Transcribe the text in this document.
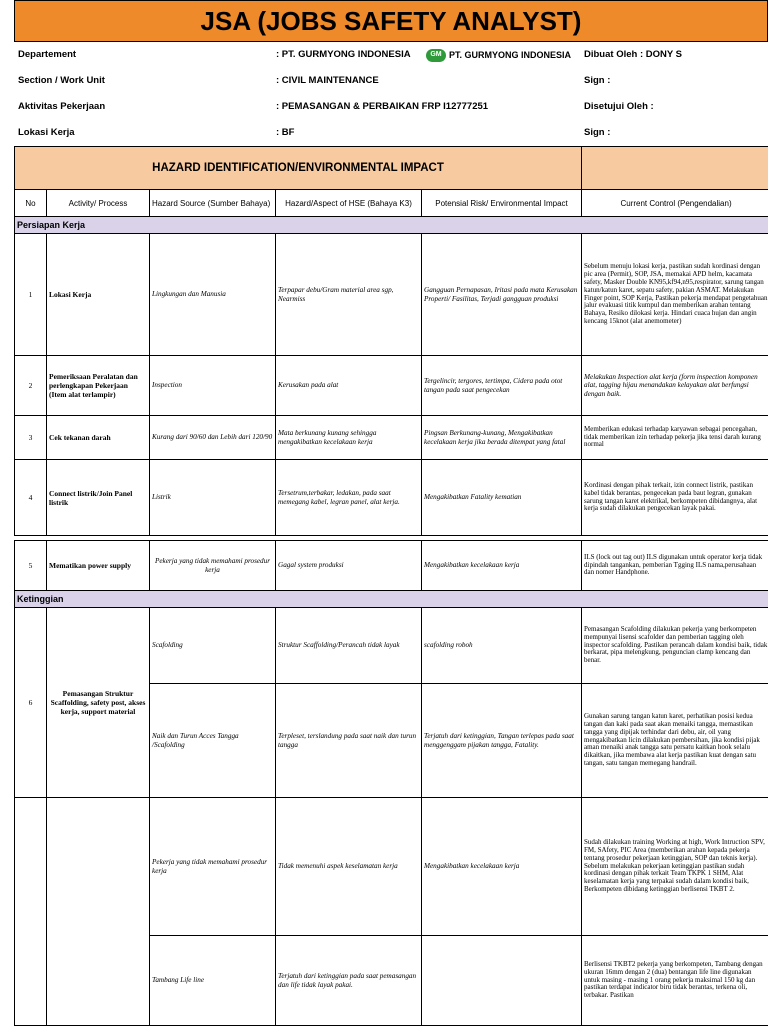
JSA (JOBS SAFETY ANALYST)
Departement	: PT. GURMYONG INDONESIA	GM PT. GURMYONG INDONESIA Dibuat Oleh : DONY S
Section / Work Unit	: CIVIL MAINTENANCE	Sign :
Aktivitas Pekerjaan	: PEMASANGAN & PERBAIKAN FRP I12777251	Disetujui Oleh :
Lokasi Kerja	: BF	Sign :
HAZARD IDENTIFICATION/ENVIRONMENTAL IMPACT					
No	Activity/ Process	Hazard Source (Sumber Bahaya)	Hazard/Aspect of HSE (Bahaya K3)	Potensial Risk/ Environmental Impact	Current Control (Pengendalian)
Persiapan Kerja					
1	Lokasi Kerja	Lingkungan dan Manusia	Terpapar debu/Gram material area sgp, Nearmiss	Gangguan Pernapasan, Iritasi pada mata Kerusakan Properti/ Fasilitas, Terjadi gangguan produksi	Sebelum menuju lokasi kerja, pastikan sudah kordinasi dengan pic area (Permit), SOP, JSA, memakai APD helm, kacamata safety, Masker Double KN95,kf94,n95,respirator, sarung tangan katun/katun karet, sepatu safety, pakian ASMAT. Melakukan Finger point, SOP Kerja, Pastikan pekerja mendapat pengetahuan jalur evakuasi titik kumpul dan memberikan arahan tentang Bahaya, Resiko dilokasi kerja. Hindari cuaca hujan dan angin kencang 15knot (alat anemometer)
2	Pemeriksaan Peralatan dan perlengkapan Pekerjaan (Item alat terlampir)	Inspection	Kerusakan pada alat	Tergelincir, tergores, tertimpa, Cidera pada otot tangan pada saat pengecekan	Melakukan Inspection alat kerja (form inspection komponen alat, tagging hijau menandakan kelayakan alat berfungsi dengan baik.
3	Cek tekanan darah	Kurang dari 90/60 dan Lebih dari 120/90	Mata berkunang kunang sehingga mengakibatkan kecelakaan kerja	Pingsan Berkunang-kunang, Mengakibatkan kecelakaan kerja jika berada ditempat yang fatal	Memberikan edukasi terhadap karyawan sebagai pencegahan, tidak memberikan izin terhadap pekerja jika tensi darah kurang normal
4	Connect listrik/Join Panel listrik	Listrik	Tersetrum,terbakar, ledakan, pada saat memegang kabel, legran panel, alat kerja.	Mengakibatkan Fatality kematian	Kordinasi dengan pihak terkait, izin connect listrik, pastikan kabel tidak berantas, pengecekan pada baut legran, gunakan sarung tangan karet elektrikal, berkompeten dibidangnya, alat kerja sudah dilakukan pengecekan layak pakai.
5	Mematikan power supply	Pekerja yang tidak memahami prosedur kerja	Gagal system produksi	Mengakibatkan kecelakaan kerja	ILS (lock out tag out) ILS digunakan untuk operator kerja tidak dipindah tangankan, pemberian Tgging ILS nama,perusahaan dan nomer Handphone.
Ketinggian					
6	Pemasangan Struktur Scaffolding, safety post, akses kerja, support material	Scafolding	Struktur Scaffolding/Perancah tidak layak	scafolding roboh	Pemasangan Scafolding dilakukan pekerja yang berkompeten mempunyai lisensi scafolder dan pemberian tagging oleh inspector scafolding. Pastikan perancah dalam kondisi baik, tidak berkarat, pipa melengkung, penguncian clamp kencang dan benar.
		Naik dan Turun Acces Tangga /Scafolding	Terpleset, terslandung pada saat naik dan turun tangga	Terjatuh dari ketinggian, Tangan terlepas pada saat menggenggam pijakan tangga, Fatality.	Gunakan sarung tangan katun karet, perhatikan posisi kedua tangan dan kaki pada saat akan menaiki tangga, memastikan tangga yang dipijak terhindar dari debu, air, oil yang mengakibatkan licin dilakukan pembersihan, jika kondisi pijak aman menaiki anak tangga satu persatu kaitkan hook selalu dikaitkan, jika membawa alat kerja pastikan kuat dengan satu tangan, satu tangan memegang handrail.
		Pekerja yang tidak memahami prosedur kerja	Tidak memenuhi aspek keselamatan kerja	Mengakibatkan kecelakaan kerja	Sudah dilakukan training Working at high, Work Intruction SPV, FM, SAfety, PIC Area (memberikan arahan kepada pekerja tentang prosedur pekerjaan ketinggian, SOP dan teknis kerja). Sebelum melakukan pekerjaan ketinggian pastikan sudah kordinasi dengan pihak terkait Team TKPK 1 SHM, Alat keselamatan kerja yang terpakai sudah dalam kondisi baik, Berkompeten dibidang ketinggian berlisensi TKBT 2.
		Tambang Life line	Terjatuh dari ketinggian pada saat pemasangan dan life tidak layak pakai.		Berlisensi TKBT2 pekerja yang berkompeten, Tambang dengan ukuran 16mm dengan 2 (dua) bentangan life line digunakan untuk masing - masing 1 orang pekerja maksimal 150 kg dan pastikan terdapat indicator biru tidak berantas, terkena oli, terbakar. Pastikan
